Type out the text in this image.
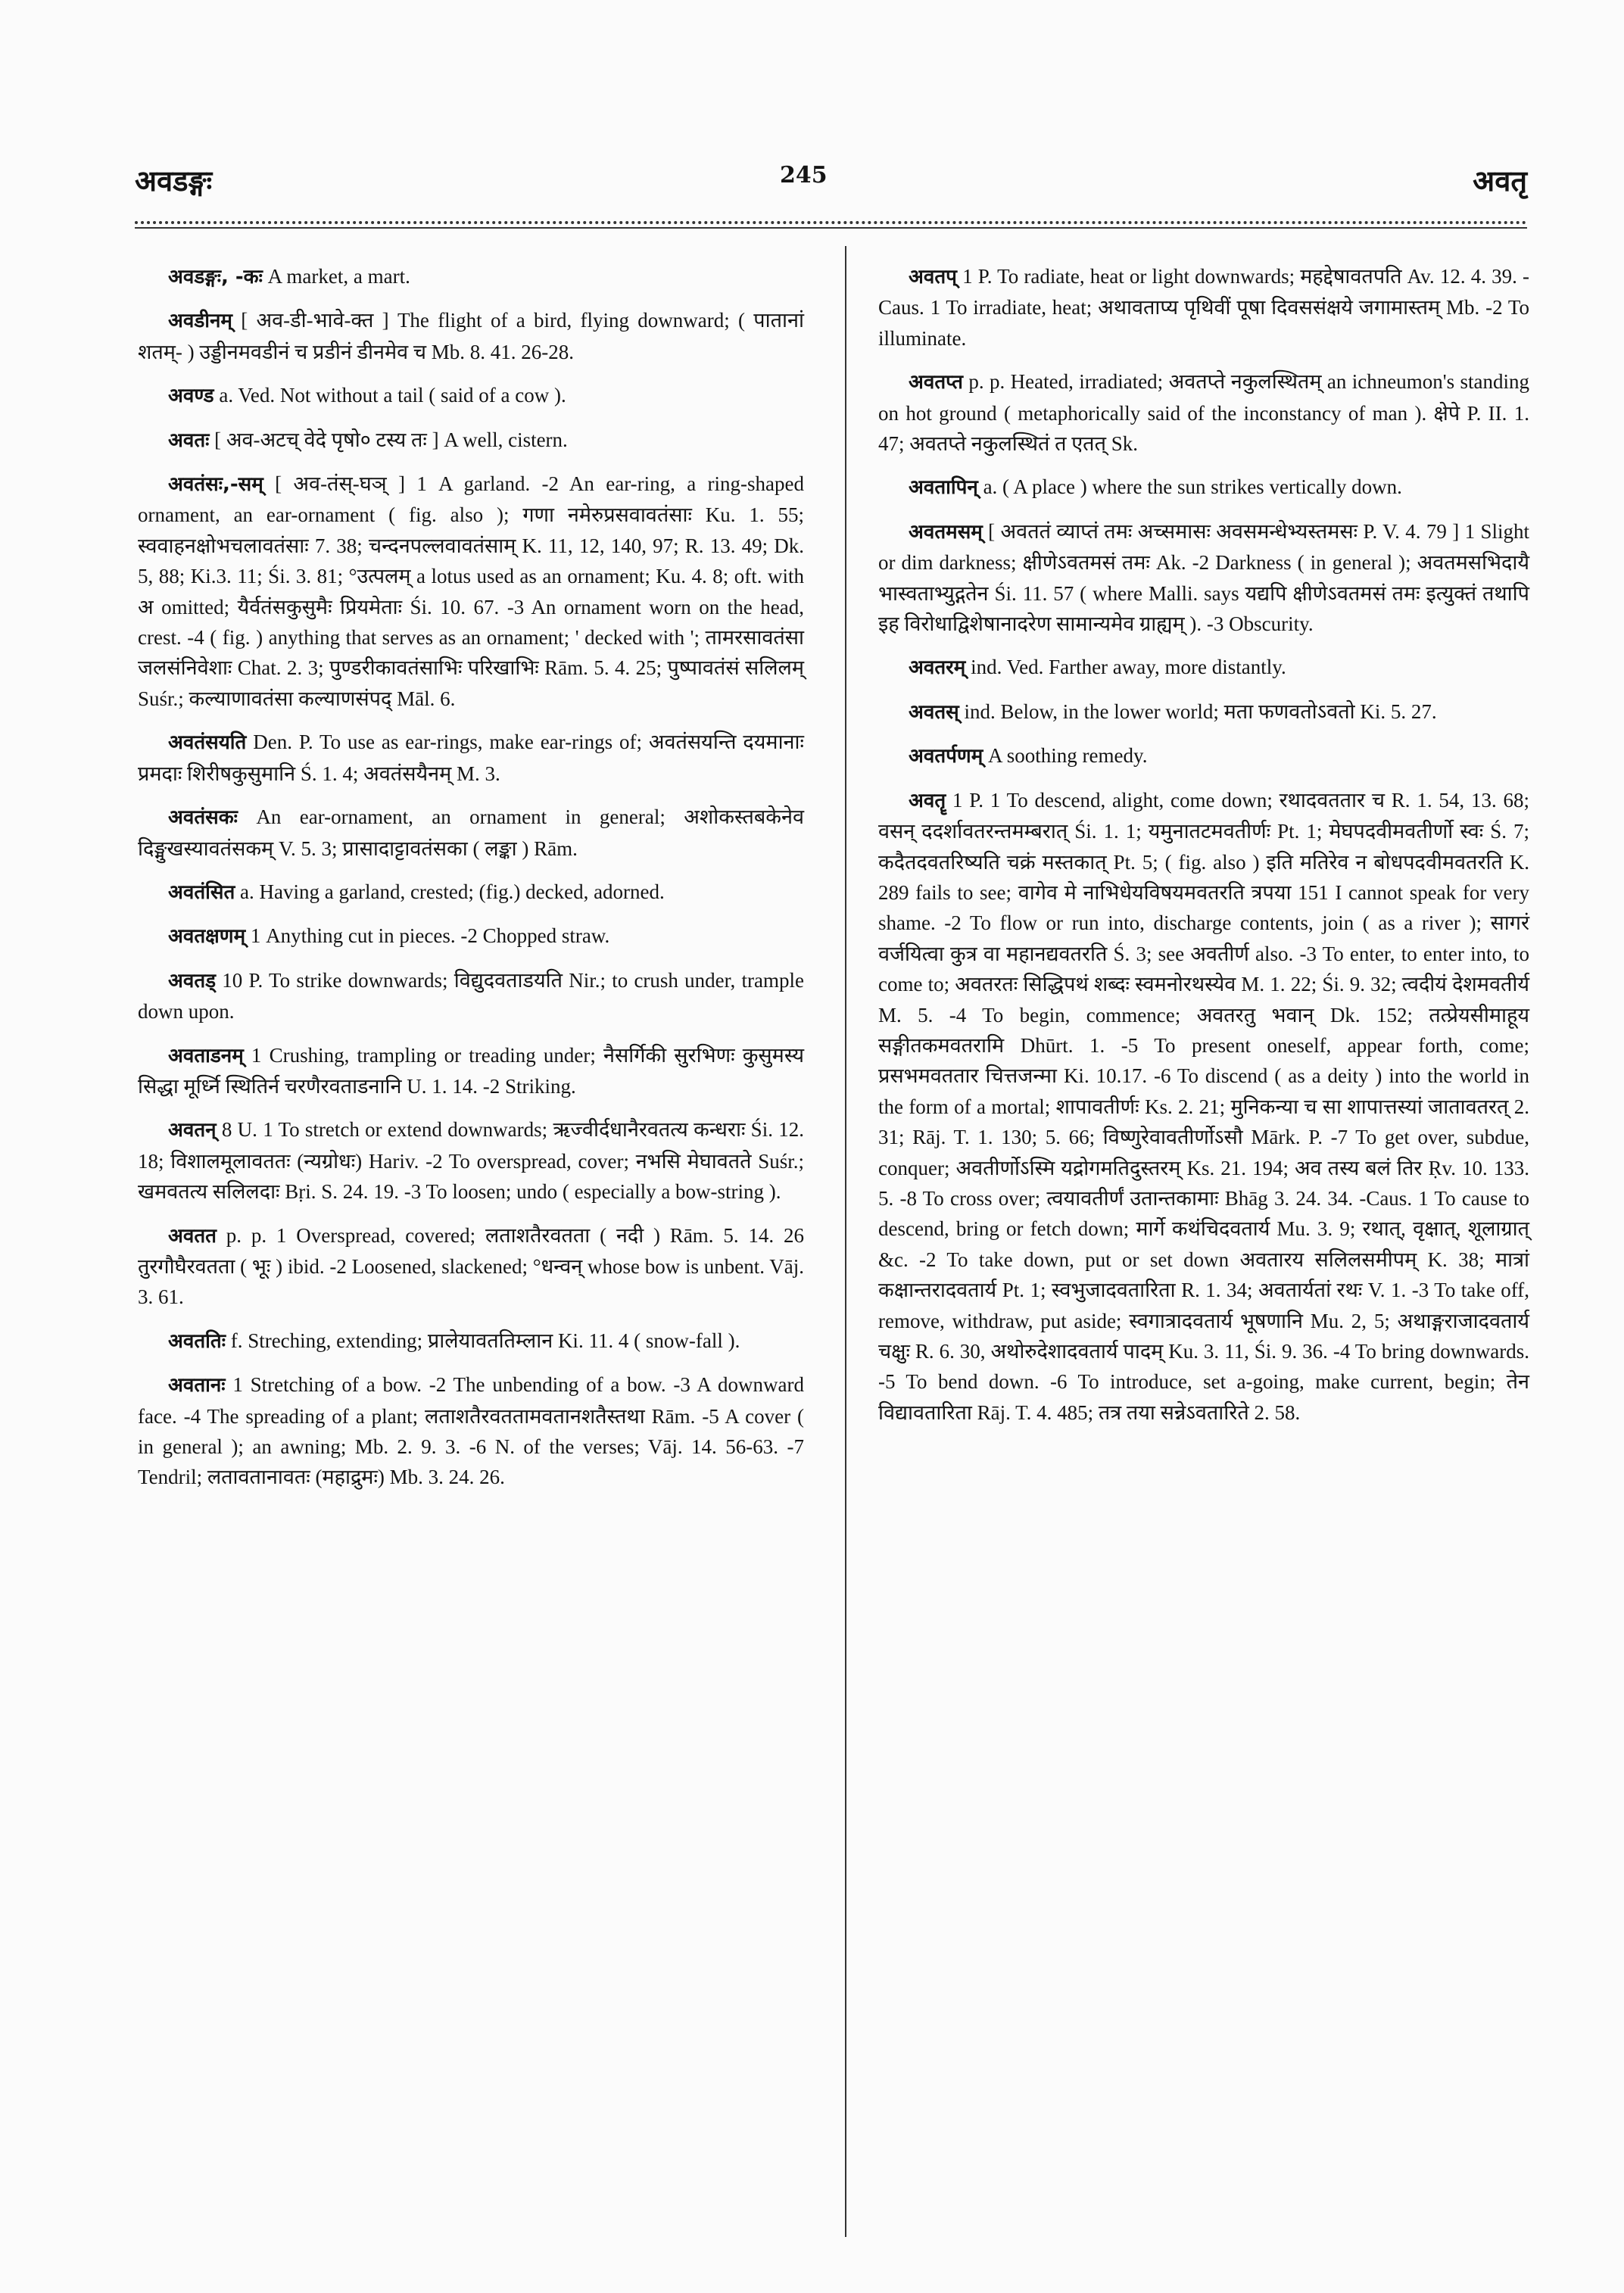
अवडङ्गः	245	अवतृ

अवडङ्गः, -कः A market, a mart.

अवडीनम् [ अव-डी-भावे-क्त ] The flight of a bird, flying downward; ( पातानां शतम्- ) उड्डीनमवडीनं च प्रडीनं डीनमेव च Mb. 8. 41. 26-28.

अवण्ड a. Ved. Not without a tail ( said of a cow ).

अवतः [ अव-अटच् वेदे पृषो० टस्य तः ] A well, cistern.

अवतंसः,-सम् [ अव-तंस्-घञ् ] 1 A garland. -2 An ear-ring, a ring-shaped ornament, an ear-ornament ( fig. also ); गणा नमेरुप्रसवावतंसाः Ku. 1. 55; स्ववाहनक्षोभचलावतंसाः 7. 38; चन्दनपल्लवावतंसाम् K. 11, 12, 140, 97; R. 13. 49; Dk. 5, 88; Ki.3. 11; Śi. 3. 81; °उत्पलम् a lotus used as an ornament; Ku. 4. 8; oft. with अ omitted; यैर्वतंसकुसुमैः प्रियमेताः Śi. 10. 67. -3 An ornament worn on the head, crest. -4 ( fig. ) anything that serves as an ornament; ' decked with '; तामरसावतंसा जलसंनिवेशाः Chat. 2. 3; पुण्डरीकावतंसाभिः परिखाभिः Rām. 5. 4. 25; पुष्पावतंसं सलिलम् Suśr.; कल्याणावतंसा कल्याणसंपद् Māl. 6.

अवतंसयति Den. P. To use as ear-rings, make ear-rings of; अवतंसयन्ति दयमानाः प्रमदाः शिरीषकुसुमानि Ś. 1. 4; अवतंसयैनम् M. 3.

अवतंसकः An ear-ornament, an ornament in general; अशोकस्तबकेनेव दिङ्मुखस्यावतंसकम् V. 5. 3; प्रासादाट्टावतंसका ( लङ्का ) Rām.

अवतंसित a. Having a garland, crested; (fig.) decked, adorned.

अवतक्षणम् 1 Anything cut in pieces. -2 Chopped straw.

अवतड् 10 P. To strike downwards; विद्युदवताडयति Nir.; to crush under, trample down upon.

अवताडनम् 1 Crushing, trampling or treading under; नैसर्गिकी सुरभिणः कुसुमस्य सिद्धा मूर्ध्नि स्थितिर्न चरणैरवताडनानि U. 1. 14. -2 Striking.

अवतन् 8 U. 1 To stretch or extend downwards; ऋज्वीर्दधानैरवतत्य कन्धराः Śi. 12. 18; विशालमूलावततः (न्यग्रोधः) Hariv. -2 To overspread, cover; नभसि मेघावतते Suśr.; खमवतत्य सलिलदाः Bṛi. S. 24. 19. -3 To loosen; undo ( especially a bow-string ).

अवतत p. p. 1 Overspread, covered; लताशतैरवतता ( नदी ) Rām. 5. 14. 26 तुरगौघैरवतता ( भूः ) ibid. -2 Loosened, slackened; °धन्वन् whose bow is unbent. Vāj. 3. 61.

अवततिः f. Streching, extending; प्रालेयावततिम्लान Ki. 11. 4 ( snow-fall ).

अवतानः 1 Stretching of a bow. -2 The unbending of a bow. -3 A downward face. -4 The spreading of a plant; लताशतैरवततामवतानशतैस्तथा Rām. -5 A cover ( in general ); an awning; Mb. 2. 9. 3. -6 N. of the verses; Vāj. 14. 56-63. -7 Tendril; लतावतानावतः (महाद्रुमः) Mb. 3. 24. 26.

अवतप् 1 P. To radiate, heat or light downwards; महद्देषावतपति Av. 12. 4. 39. -Caus. 1 To irradiate, heat; अथावताप्य पृथिवीं पूषा दिवससंक्षये जगामास्तम् Mb. -2 To illuminate.

अवतप्त p. p. Heated, irradiated; अवतप्ते नकुलस्थितम् an ichneumon's standing on hot ground ( metaphorically said of the inconstancy of man ). क्षेपे P. II. 1. 47; अवतप्ते नकुलस्थितं त एतत् Sk.

अवतापिन् a. ( A place ) where the sun strikes vertically down.

अवतमसम् [ अवततं व्याप्तं तमः अच्समासः अवसमन्धेभ्यस्तमसः P. V. 4. 79 ] 1 Slight or dim darkness; क्षीणेऽवतमसं तमः Ak. -2 Darkness ( in general ); अवतमसभिदायै भास्वताभ्युद्गतेन Śi. 11. 57 ( where Malli. says यद्यपि क्षीणेऽवतमसं तमः इत्युक्तं तथापि इह विरोधाद्विशेषानादरेण सामान्यमेव ग्राह्यम् ). -3 Obscurity.

अवतरम् ind. Ved. Farther away, more distantly.

अवतस् ind. Below, in the lower world; मता फणवतोऽवतो Ki. 5. 27.

अवतर्पणम् A soothing remedy.

अवतॄ 1 P. 1 To descend, alight, come down; रथादवततार च R. 1. 54, 13. 68; वसन् ददर्शावतरन्तमम्बरात् Śi. 1. 1; यमुनातटमवतीर्णः Pt. 1; मेघपदवीमवतीर्णो स्वः Ś. 7; कदैतदवतरिष्यति चक्रं मस्तकात् Pt. 5; ( fig. also ) इति मतिरेव न बोधपदवीमवतरति K. 289 fails to see; वागेव मे नाभिधेयविषयमवतरति त्रपया 151 I cannot speak for very shame. -2 To flow or run into, discharge contents, join ( as a river ); सागरं वर्जयित्वा कुत्र वा महानद्यवतरति Ś. 3; see अवतीर्ण also. -3 To enter, to enter into, to come to; अवतरतः सिद्धिपथं शब्दः स्वमनोरथस्येव M. 1. 22; Śi. 9. 32; त्वदीयं देशमवतीर्य M. 5. -4 To begin, commence; अवतरतु भवान् Dk. 152; तत्प्रेयसीमाहूय सङ्गीतकमवतरामि Dhūrt. 1. -5 To present oneself, appear forth, come; प्रसभमवततार चित्तजन्मा Ki. 10.17. -6 To discend ( as a deity ) into the world in the form of a mortal; शापावतीर्णः Ks. 2. 21; मुनिकन्या च सा शापात्तस्यां जातावतरत् 2. 31; Rāj. T. 1. 130; 5. 66; विष्णुरेवावतीर्णोऽसौ Mārk. P. -7 To get over, subdue, conquer; अवतीर्णोऽस्मि यद्रोगमतिदुस्तरम् Ks. 21. 194; अव तस्य बलं तिर Ṛv. 10. 133. 5. -8 To cross over; त्वयावतीर्णं उतान्तकामाः Bhāg 3. 24. 34. -Caus. 1 To cause to descend, bring or fetch down; मार्गे कथंचिदवतार्य Mu. 3. 9; रथात्, वृक्षात्, शूलाग्रात् &c. -2 To take down, put or set down अवतारय सलिलसमीपम् K. 38; मात्रां कक्षान्तरादवतार्य Pt. 1; स्वभुजादवतारिता R. 1. 34; अवतार्यतां रथः V. 1. -3 To take off, remove, withdraw, put aside; स्वगात्रादवतार्य भूषणानि Mu. 2, 5; अथाङ्गराजादवतार्य चक्षुः R. 6. 30, अथोरुदेशादवतार्य पादम् Ku. 3. 11, Śi. 9. 36. -4 To bring downwards. -5 To bend down. -6 To introduce, set a-going, make current, begin; तेन विद्यावतारिता Rāj. T. 4. 485; तत्र तया सन्नेऽवतारिते 2. 58.
